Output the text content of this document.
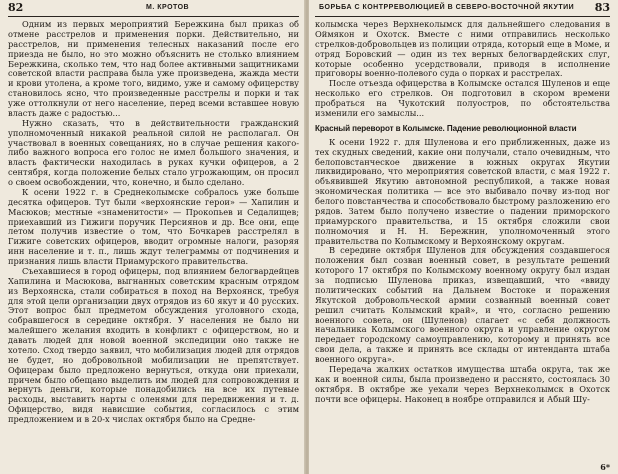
82	М. КРОТОВ

Одним из первых мероприятий Бережкина был приказ об отмене расстрелов и применения порки. Действительно, ни расстрелов, ни применения телесных наказаний после его приезда не было, но это можно объяснить не столько влиянием Бережкина, сколько тем, что над более активными защитниками советской власти расправа была уже произведена, жажда мести и крови утолена, а кроме того, видимо, уже и самому офицерству становилось ясно, что произведенные расстрелы и порки и так уже оттолкнули от него население, перед всеми вставшее новую власть даже с радостью...

Нужно сказать, что в действительности гражданский уполномоченный никакой реальной силой не располагал. Он участвовал в военных совещаниях, но в случае решения какого-либо важного вопроса его голос не имел большого значения, и власть фактически находилась в руках кучки офицеров, а 2 сентября, когда положение белых стало угрожающим, он просил о своем освобождении, что, конечно, и было сделано.

К осени 1922 г. в Среднеколымске собралось уже больше десятка офицеров. Тут были «верхоянские герои» — Хапилин и Масюков; местные «знаменитости» — Прокопьев и Седалищев; приехавший из Гижиги поручик Персиянов и др. Все они, еще летом получив известие о том, что Бочкарев расстрелял в Гижиге советских офицеров, вводит огромные налоги, разоряя инн население и т. п., лишь ждут телеграммы от подчинения и признания лишь власти Приамурского правительства.

Съехавшиеся в город офицеры, под влиянием белогвардейцев Хапилина и Масюкова, выгнанных советским красным отрядом из Верхоянска, стали собираться в поход на Верхоянск, требуя для этой цели организации двух отрядов из 60 якут и 40 русских. Этот вопрос был предметом обсуждения уголовного схода, собравшегося в середине октября. У населения не было ни малейшего желания входить в конфликт с офицерством, но и давать людей для новой военной экспедиции оно также не хотело. Сход твердо заявил, что мобилизация людей для отрядов не будет, но добровольной мобилизации не препятствует. Офицерам было предложено вернуться, откуда они приехали, причем было обещано выделить им людей для сопровождения и вернуть деньги, которые понадобились на все их путевые расходы, выставить нарты с оленями для передвижения и т. д. Офицерство, видя нависшие события, согласилось с этим предложением и в 20-х числах октября было на Средне-

БОРЬБА С КОНТРРЕВОЛЮЦИЕЙ В СЕВЕРО-ВОСТОЧНОЙ ЯКУТИИ 83

колымска через Верхнеколымск для дальнейшего следования в Оймякон и Охотск. Вместе с ними отправились несколько стрелков-добровольцев из полиции отряда, который еще в Моме, и отряд Боровский — один из тех верных белогвардейских слуг, которые особенно усердствовали, приводя в исполнение приговоры военно-полевого суда о порках и расстрелах.

После отъезда офицерства в Колымске остался Шуленов и еще несколько его стрелков. Он подготовил в скором времени пробраться на Чукотский полуостров, по обстоятельства изменили его замыслы...

Красный переворот в Колымске. Падение революционной власти

К осени 1922 г. для Шуленова и его приближенных, даже из тех скудных сведений, какие они получали, стало очевидным, что белоповстанческое движение в южных округах Якутии ликвидировано, что мероприятия советской власти, с мая 1922 г. объявившей Якутию автономной республикой, а также новая экономическая политика — все это выбивало почву из-под ног белого повстанчества и способствовало быстрому разложению его рядов. Затем было получено известие о падении приморского приамурского правительства, и 15 октября сложили свои полномочия и Н. Н. Бережнин, уполномоченный этого правительства по Колымскому и Верхоянскому округам.

В середине октября Шуленов для обсуждения создавшегося положения был созван военный совет, в результате решений которого 17 октября по Колымскому военному округу был издан за подписью Шуленова приказ, извещавший, что «ввиду политических событий на Дальнем Востоке и поражения Якутской добровольческой армии созванный военный совет решил считать Колымский край», и что, согласно решению военного совета, он (Шуленов) слагает «с себя должность начальника Колымского военного округа и управление округом передает городскому самоуправлению, которому и принять все свои дела, а также и принять все склады от интенданта штаба военного округа».

Передача жалких остатков имущества штаба округа, так же как и военной силы, была произведено и расснято, состоялась 30 октября. В октябре же уехали через Верхнеколымск в Охотск почти все офицеры. Наконец в ноябре отправился и Абый Шу-

6*
